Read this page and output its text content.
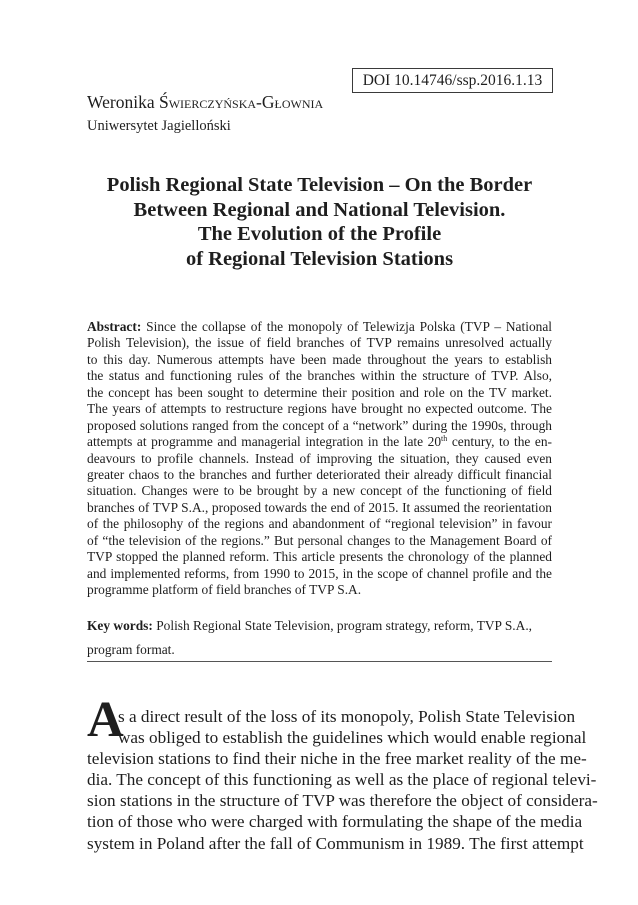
DOI 10.14746/ssp.2016.1.13
Weronika Świerczyńska-Głownia
Uniwersytet Jagielloński
Polish Regional State Television – On the Border
Between Regional and National Television.
The Evolution of the Profile
of Regional Television Stations
Abstract: Since the collapse of the monopoly of Telewizja Polska (TVP – National
Polish Television), the issue of field branches of TVP remains unresolved actually
to this day. Numerous attempts have been made throughout the years to establish
the status and functioning rules of the branches within the structure of TVP. Also,
the concept has been sought to determine their position and role on the TV market.
The years of attempts to restructure regions have brought no expected outcome. The
proposed solutions ranged from the concept of a “network” during the 1990s, through
attempts at programme and managerial integration in the late 20th century, to the en-
deavours to profile channels. Instead of improving the situation, they caused even
greater chaos to the branches and further deteriorated their already difficult financial
situation. Changes were to be brought by a new concept of the functioning of field
branches of TVP S.A., proposed towards the end of 2015. It assumed the reorientation
of the philosophy of the regions and abandonment of “regional television” in favour
of “the television of the regions.” But personal changes to the Management Board of
TVP stopped the planned reform. This article presents the chronology of the planned
and implemented reforms, from 1990 to 2015, in the scope of channel profile and the
programme platform of field branches of TVP S.A.
Key words: Polish Regional State Television, program strategy, reform, TVP S.A.,
program format.
A
s a direct result of the loss of its monopoly, Polish State Television
was obliged to establish the guidelines which would enable regional
television stations to find their niche in the free market reality of the me-
dia. The concept of this functioning as well as the place of regional televi-
sion stations in the structure of TVP was therefore the object of considera-
tion of those who were charged with formulating the shape of the media
system in Poland after the fall of Communism in 1989. The first attempt
